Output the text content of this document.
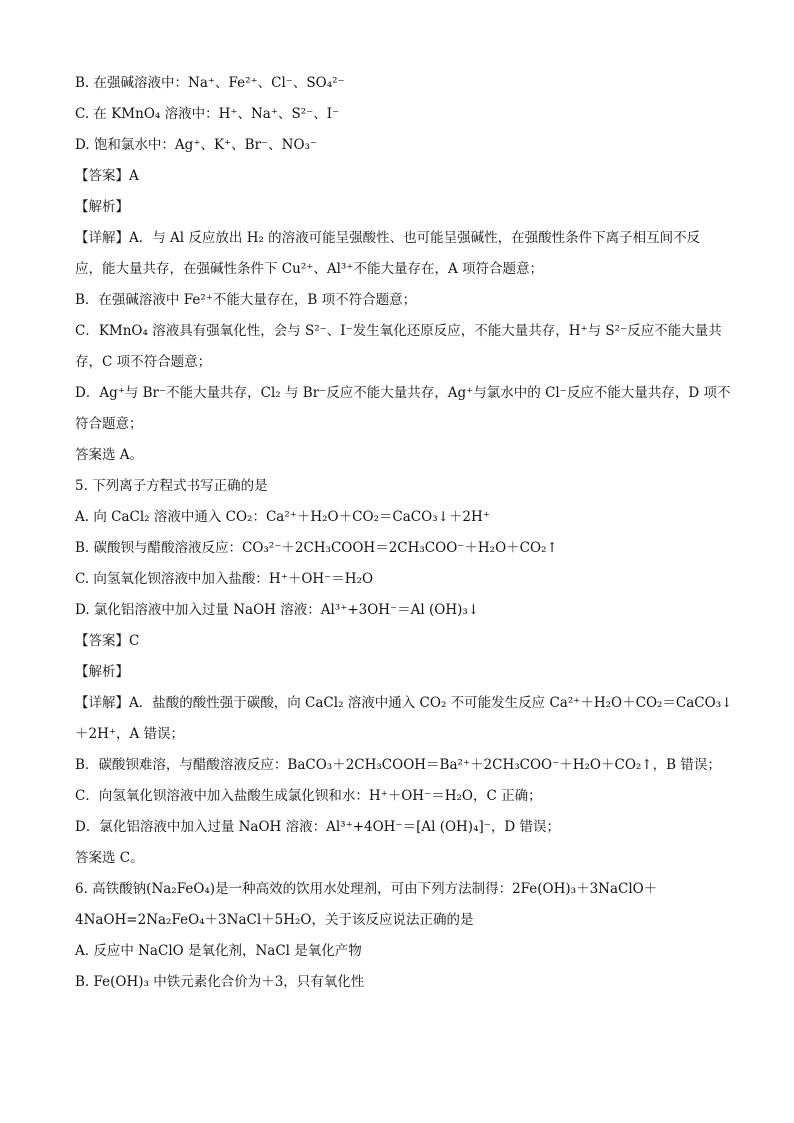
B. 在强碱溶液中：Na⁺、Fe²⁺、Cl⁻、SO₄²⁻
C. 在 KMnO₄ 溶液中：H⁺、Na⁺、S²⁻、I⁻
D. 饱和氯水中：Ag⁺、K⁺、Br⁻、NO₃⁻
【答案】A
【解析】
【详解】A．与 Al 反应放出 H₂ 的溶液可能呈强酸性、也可能呈强碱性，在强酸性条件下离子相互间不反
应，能大量共存，在强碱性条件下 Cu²⁺、Al³⁺不能大量存在，A 项符合题意；
B．在强碱溶液中 Fe²⁺不能大量存在，B 项不符合题意；
C．KMnO₄ 溶液具有强氧化性，会与 S²⁻、I⁻发生氧化还原反应，不能大量共存，H⁺与 S²⁻反应不能大量共
存，C 项不符合题意；
D．Ag⁺与 Br⁻不能大量共存，Cl₂ 与 Br⁻反应不能大量共存，Ag⁺与氯水中的 Cl⁻反应不能大量共存，D 项不
符合题意；
答案选 A。
5. 下列离子方程式书写正确的是
A. 向 CaCl₂ 溶液中通入 CO₂：Ca²⁺＋H₂O＋CO₂＝CaCO₃↓＋2H⁺
B. 碳酸钡与醋酸溶液反应：CO₃²⁻＋2CH₃COOH＝2CH₃COO⁻＋H₂O＋CO₂↑
C. 向氢氧化钡溶液中加入盐酸：H⁺＋OH⁻＝H₂O
D. 氯化铝溶液中加入过量 NaOH 溶液：Al³⁺+3OH⁻＝Al (OH)₃↓
【答案】C
【解析】
【详解】A．盐酸的酸性强于碳酸，向 CaCl₂ 溶液中通入 CO₂ 不可能发生反应 Ca²⁺＋H₂O＋CO₂＝CaCO₃↓
＋2H⁺，A 错误；
B．碳酸钡难溶，与醋酸溶液反应：BaCO₃＋2CH₃COOH＝Ba²⁺＋2CH₃COO⁻＋H₂O＋CO₂↑，B 错误；
C．向氢氧化钡溶液中加入盐酸生成氯化钡和水：H⁺＋OH⁻＝H₂O，C 正确；
D．氯化铝溶液中加入过量 NaOH 溶液：Al³⁺+4OH⁻＝[Al (OH)₄]⁻，D 错误；
答案选 C。
6. 高铁酸钠(Na₂FeO₄)是一种高效的饮用水处理剂，可由下列方法制得：2Fe(OH)₃＋3NaClO＋
4NaOH=2Na₂FeO₄＋3NaCl＋5H₂O，关于该反应说法正确的是
A. 反应中 NaClO 是氧化剂，NaCl 是氧化产物
B. Fe(OH)₃ 中铁元素化合价为＋3，只有氧化性
